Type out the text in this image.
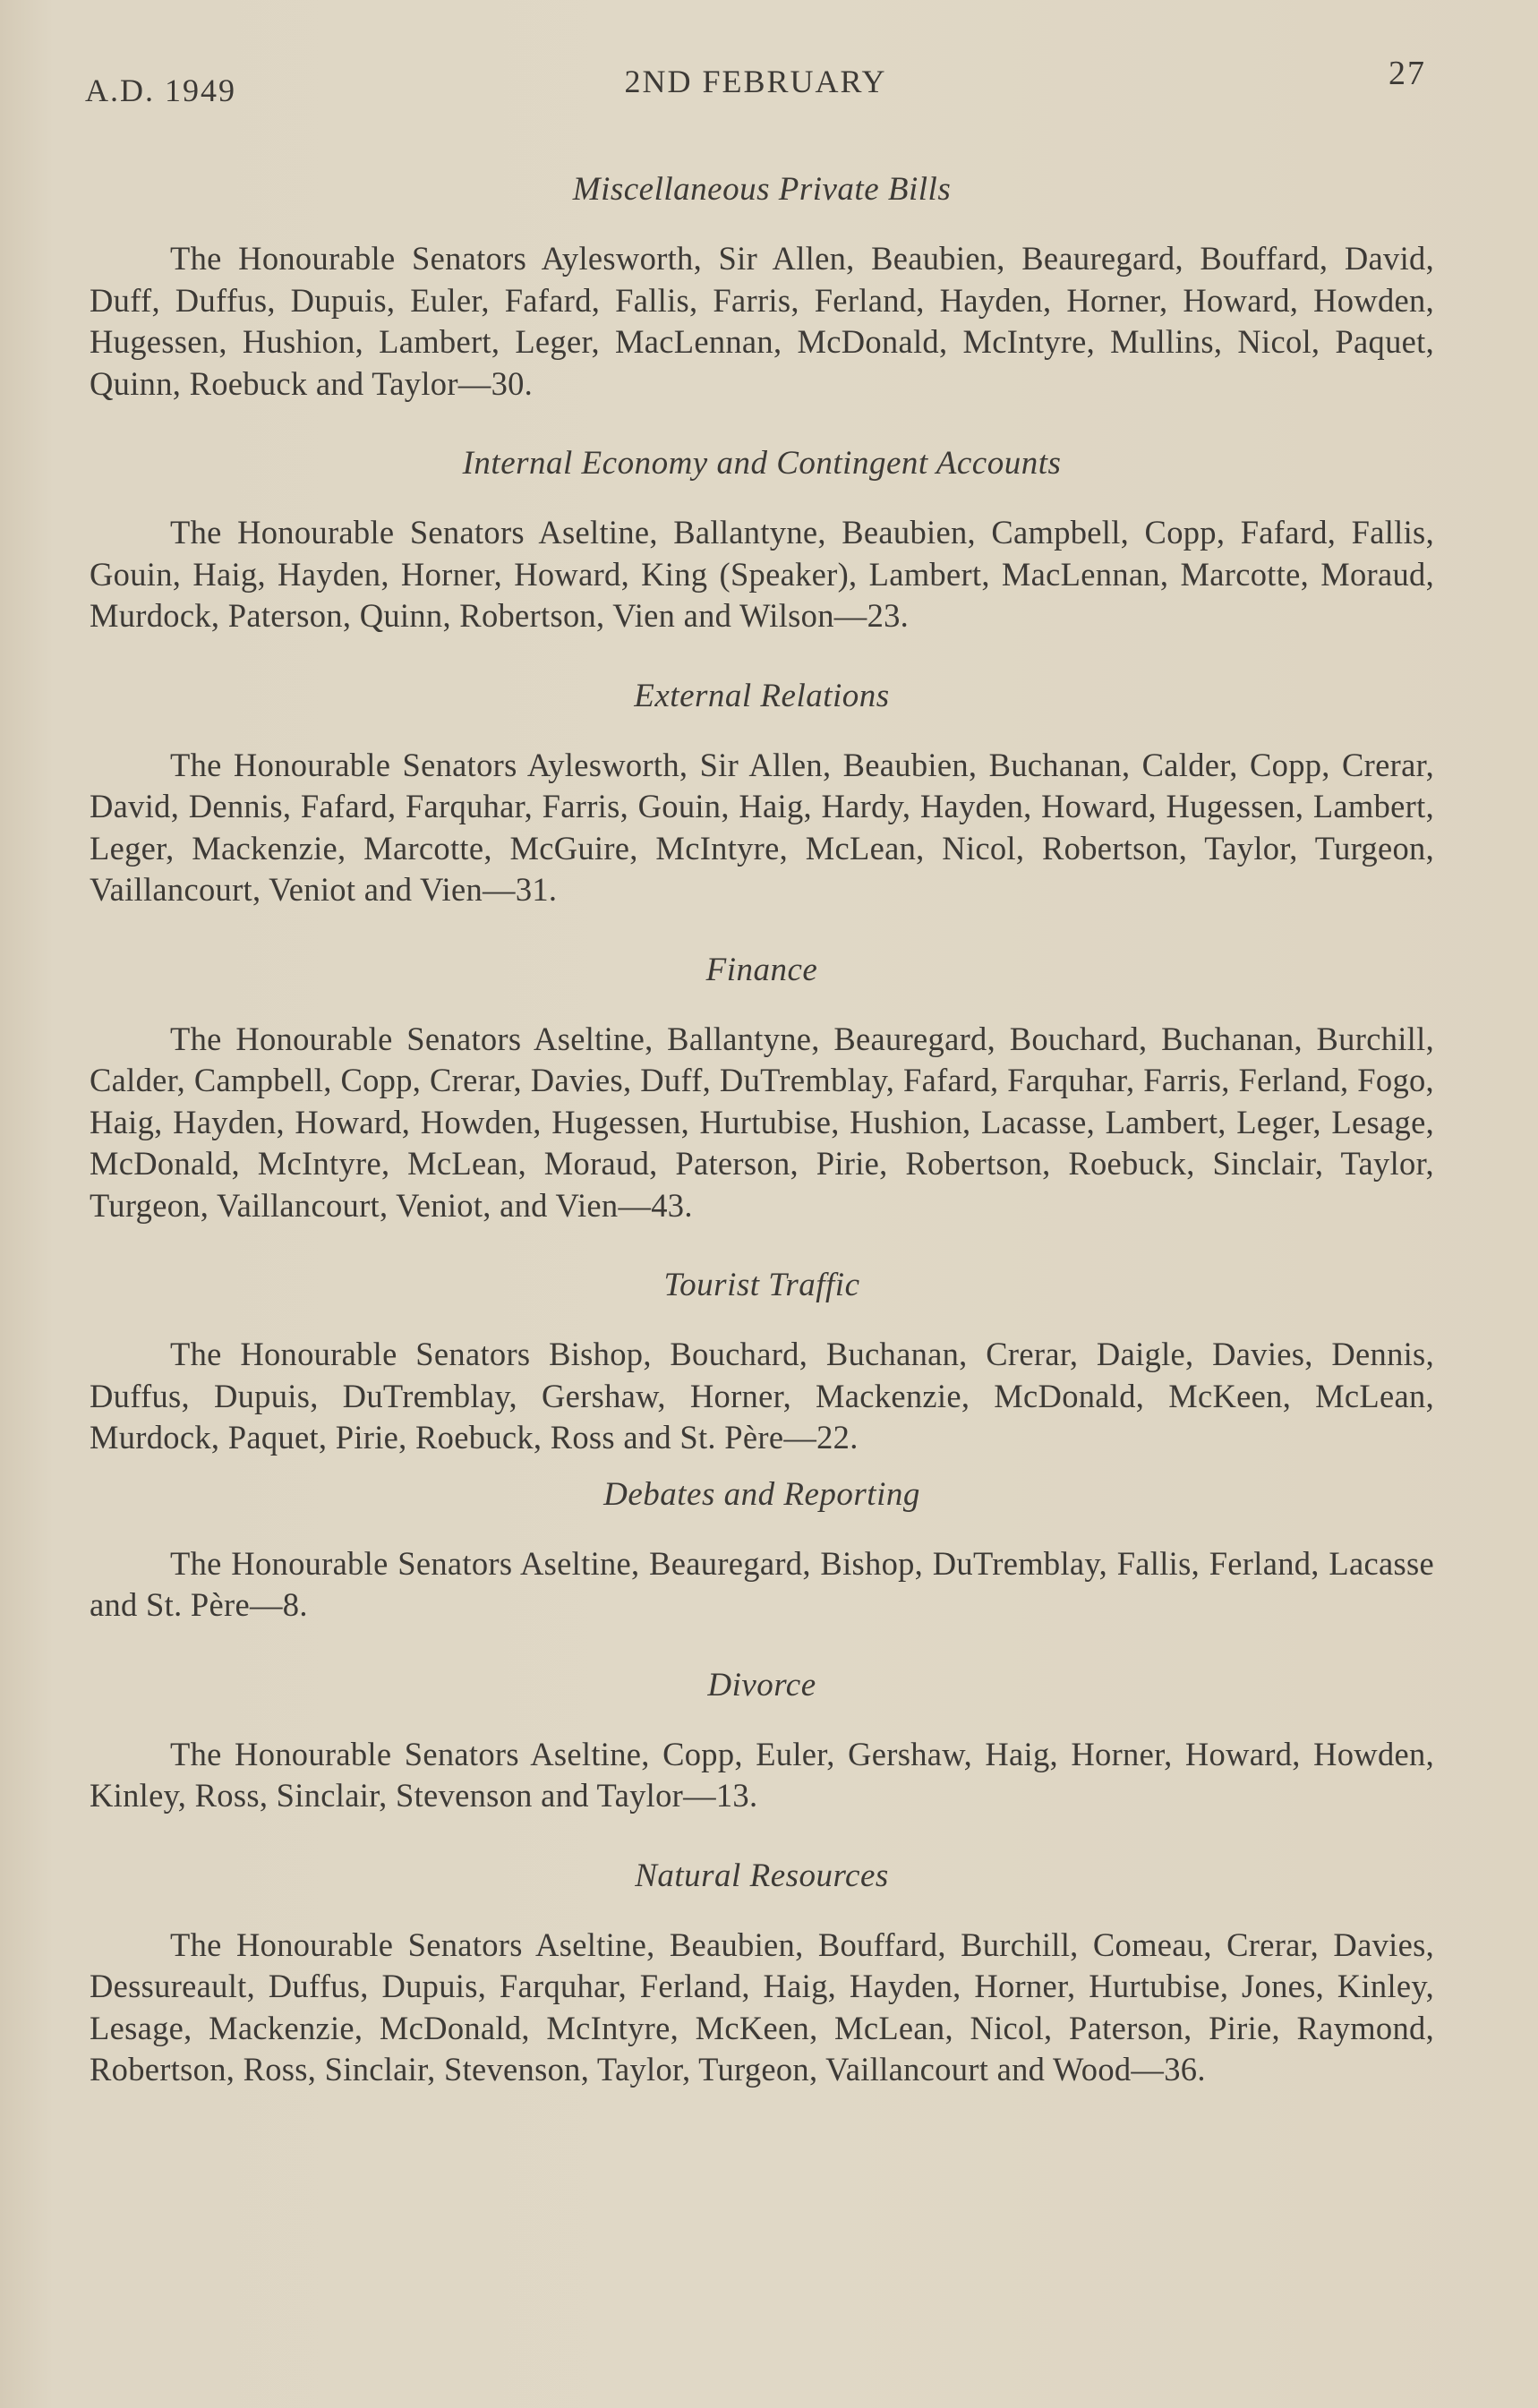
A.D. 1949	2ND FEBRUARY	27
Miscellaneous Private Bills
The Honourable Senators Aylesworth, Sir Allen, Beaubien, Beauregard, Bouffard, David, Duff, Duffus, Dupuis, Euler, Fafard, Fallis, Farris, Ferland, Hayden, Horner, Howard, Howden, Hugessen, Hushion, Lambert, Leger, MacLennan, McDonald, McIntyre, Mullins, Nicol, Paquet, Quinn, Roebuck and Taylor—30.
Internal Economy and Contingent Accounts
The Honourable Senators Aseltine, Ballantyne, Beaubien, Campbell, Copp, Fafard, Fallis, Gouin, Haig, Hayden, Horner, Howard, King (Speaker), Lambert, MacLennan, Marcotte, Moraud, Murdock, Paterson, Quinn, Robertson, Vien and Wilson—23.
External Relations
The Honourable Senators Aylesworth, Sir Allen, Beaubien, Buchanan, Calder, Copp, Crerar, David, Dennis, Fafard, Farquhar, Farris, Gouin, Haig, Hardy, Hayden, Howard, Hugessen, Lambert, Leger, Mackenzie, Marcotte, McGuire, McIntyre, McLean, Nicol, Robertson, Taylor, Turgeon, Vaillancourt, Veniot and Vien—31.
Finance
The Honourable Senators Aseltine, Ballantyne, Beauregard, Bouchard, Buchanan, Burchill, Calder, Campbell, Copp, Crerar, Davies, Duff, DuTremblay, Fafard, Farquhar, Farris, Ferland, Fogo, Haig, Hayden, Howard, Howden, Hugessen, Hurtubise, Hushion, Lacasse, Lambert, Leger, Lesage, McDonald, McIntyre, McLean, Moraud, Paterson, Pirie, Robertson, Roebuck, Sinclair, Taylor, Turgeon, Vaillancourt, Veniot, and Vien—43.
Tourist Traffic
The Honourable Senators Bishop, Bouchard, Buchanan, Crerar, Daigle, Davies, Dennis, Duffus, Dupuis, DuTremblay, Gershaw, Horner, Mackenzie, McDonald, McKeen, McLean, Murdock, Paquet, Pirie, Roebuck, Ross and St. Père—22.
Debates and Reporting
The Honourable Senators Aseltine, Beauregard, Bishop, DuTremblay, Fallis, Ferland, Lacasse and St. Père—8.
Divorce
The Honourable Senators Aseltine, Copp, Euler, Gershaw, Haig, Horner, Howard, Howden, Kinley, Ross, Sinclair, Stevenson and Taylor—13.
Natural Resources
The Honourable Senators Aseltine, Beaubien, Bouffard, Burchill, Comeau, Crerar, Davies, Dessureault, Duffus, Dupuis, Farquhar, Ferland, Haig, Hayden, Horner, Hurtubise, Jones, Kinley, Lesage, Mackenzie, McDonald, McIntyre, McKeen, McLean, Nicol, Paterson, Pirie, Raymond, Robertson, Ross, Sinclair, Stevenson, Taylor, Turgeon, Vaillancourt and Wood—36.
